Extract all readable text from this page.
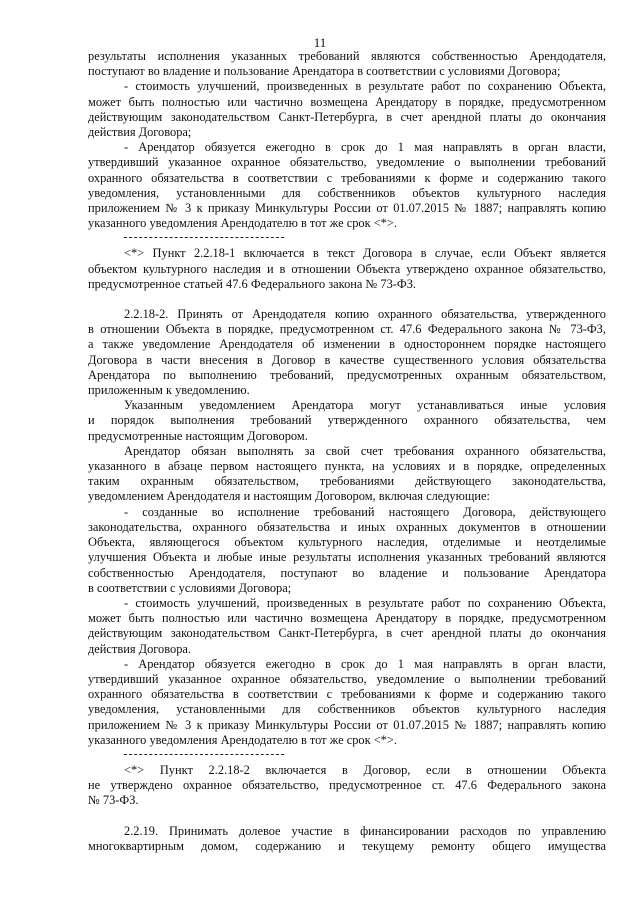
11
результаты исполнения указанных требований являются собственностью Арендодателя,
поступают во владение и пользование Арендатора в соответствии с условиями Договора;
- стоимость улучшений, произведенных в результате работ по сохранению Объекта,
может быть полностью или частично возмещена Арендатору в порядке, предусмотренном
действующим законодательством Санкт-Петербурга, в счет арендной платы до окончания
действия Договора;
- Арендатор обязуется ежегодно в срок до 1 мая направлять в орган власти,
утвердивший указанное охранное обязательство, уведомление о выполнении требований
охранного обязательства в соответствии с требованиями к форме и содержанию такого
уведомления, установленными для собственников объектов культурного наследия
приложением № 3 к приказу Минкультуры России от 01.07.2015 № 1887; направлять копию
указанного уведомления Арендодателю в тот же срок <*>.
<*> Пункт 2.2.18-1 включается в текст Договора в случае, если Объект является
объектом культурного наследия и в отношении Объекта утверждено охранное обязательство,
предусмотренное статьей 47.6 Федерального закона № 73-ФЗ.
2.2.18-2. Принять от Арендодателя копию охранного обязательства, утвержденного
в отношении Объекта в порядке, предусмотренном ст. 47.6 Федерального закона № 73-ФЗ,
а также уведомление Арендодателя об изменении в одностороннем порядке настоящего
Договора в части внесения в Договор в качестве существенного условия обязательства
Арендатора по выполнению требований, предусмотренных охранным обязательством,
приложенным к уведомлению.
Указанным уведомлением Арендатора могут устанавливаться иные условия
и порядок выполнения требований утвержденного охранного обязательства, чем
предусмотренные настоящим Договором.
Арендатор обязан выполнять за свой счет требования охранного обязательства,
указанного в абзаце первом настоящего пункта, на условиях и в порядке, определенных
таким охранным обязательством, требованиями действующего законодательства,
уведомлением Арендодателя и настоящим Договором, включая следующие:
- созданные во исполнение требований настоящего Договора, действующего
законодательства, охранного обязательства и иных охранных документов в отношении
Объекта, являющегося объектом культурного наследия, отделимые и неотделимые
улучшения Объекта и любые иные результаты исполнения указанных требований являются
собственностью Арендодателя, поступают во владение и пользование Арендатора
в соответствии с условиями Договора;
- стоимость улучшений, произведенных в результате работ по сохранению Объекта,
может быть полностью или частично возмещена Арендатору в порядке, предусмотренном
действующим законодательством Санкт-Петербурга, в счет арендной платы до окончания
действия Договора.
- Арендатор обязуется ежегодно в срок до 1 мая направлять в орган власти,
утвердивший указанное охранное обязательство, уведомление о выполнении требований
охранного обязательства в соответствии с требованиями к форме и содержанию такого
уведомления, установленными для собственников объектов культурного наследия
приложением № 3 к приказу Минкультуры России от 01.07.2015 № 1887; направлять копию
указанного уведомления Арендодателю в тот же срок <*>.
<*> Пункт 2.2.18-2 включается в Договор, если в отношении Объекта
не утверждено охранное обязательство, предусмотренное ст. 47.6 Федерального закона
№ 73-ФЗ.
2.2.19. Принимать долевое участие в финансировании расходов по управлению
многоквартирным домом, содержанию и текущему ремонту общего имущества
